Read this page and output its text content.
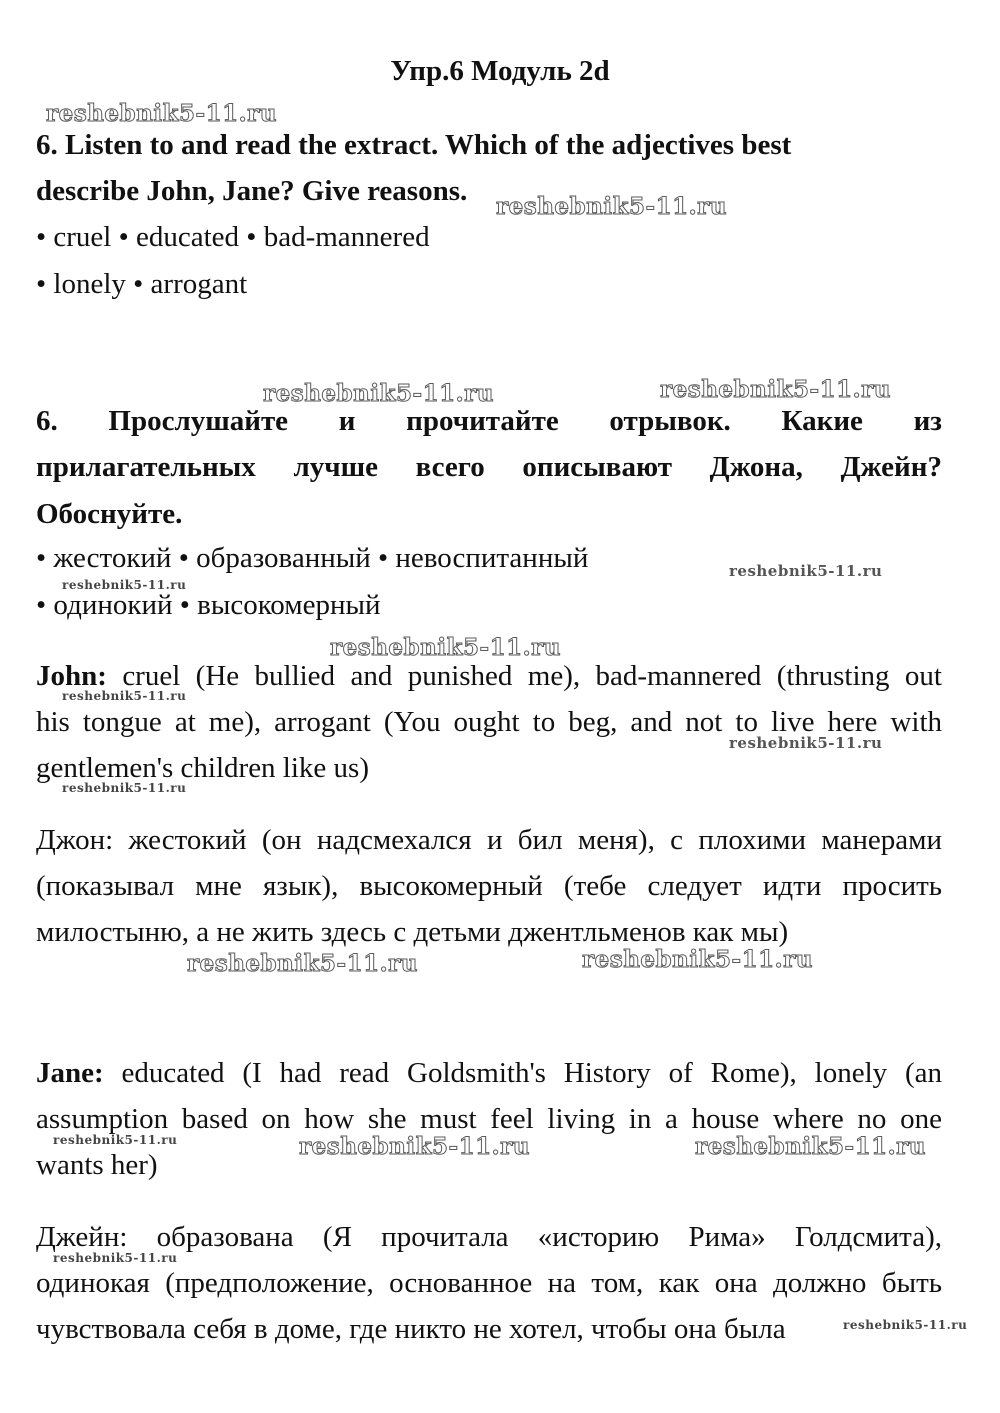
Упр.6 Модуль 2d
6. Listen to and read the extract. Which of the adjectives best
describe John, Jane? Give reasons.
• cruel • educated • bad-mannered
• lonely • arrogant
6. Прослушайте и прочитайте отрывок. Какие из
прилагательных лучше всего описывают Джона, Джейн?
Обоснуйте.
• жестокий • образованный • невоспитанный
• одинокий • высокомерный
John: cruel (He bullied and punished me), bad-mannered (thrusting out
his tongue at me), arrogant (You ought to beg, and not to live here with
gentlemen's children like us)
Джон: жестокий (он надсмехался и бил меня), с плохими манерами
(показывал мне язык), высокомерный (тебе следует идти просить
милостыню, а не жить здесь с детьми джентльменов как мы)
Jane: educated (I had read Goldsmith's History of Rome), lonely (an
assumption based on how she must feel living in a house where no one
wants her)
Джейн: образована (Я прочитала «историю Рима» Голдсмита),
одинокая (предположение, основанное на том, как она должно быть
чувствовала себя в доме, где никто не хотел, чтобы она была
reshebnik5-11.ru
reshebnik5-11.ru
reshebnik5-11.ru	reshebnik5-11.ru
reshebnik5-11.ru
reshebnik5-11.ru
reshebnik5-11.ru
reshebnik5-11.ru
reshebnik5-11.ru
reshebnik5-11.ru
reshebnik5-11.ru	reshebnik5-11.ru
reshebnik5-11.ru	reshebnik5-11.ru	reshebnik5-11.ru
reshebnik5-11.ru
reshebnik5-11.ru
